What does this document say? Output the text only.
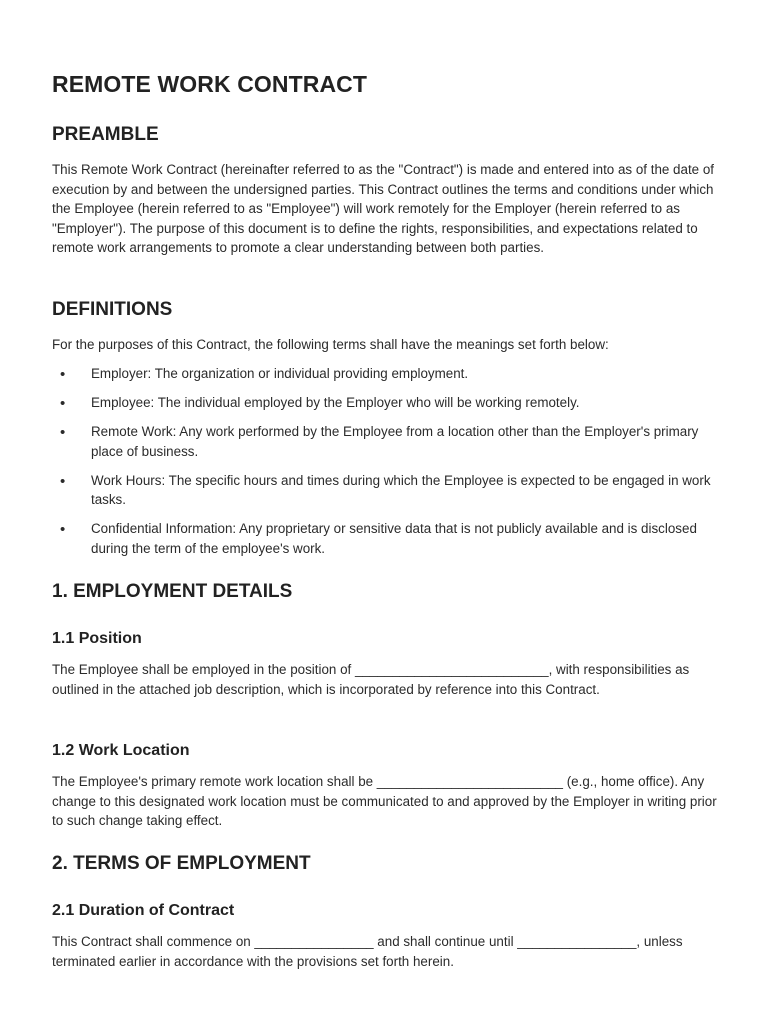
REMOTE WORK CONTRACT
PREAMBLE

This Remote Work Contract (hereinafter referred to as the "Contract") is made and entered into as of the date of execution by and between the undersigned parties. This Contract outlines the terms and conditions under which the Employee (herein referred to as "Employee") will work remotely for the Employer (herein referred to as "Employer"). The purpose of this document is to define the rights, responsibilities, and expectations related to remote work arrangements to promote a clear understanding between both parties.

DEFINITIONS

For the purposes of this Contract, the following terms shall have the meanings set forth below:

• Employer: The organization or individual providing employment.
• Employee: The individual employed by the Employer who will be working remotely.
• Remote Work: Any work performed by the Employee from a location other than the Employer's primary place of business.
• Work Hours: The specific hours and times during which the Employee is expected to be engaged in work tasks.
• Confidential Information: Any proprietary or sensitive data that is not publicly available and is disclosed during the term of the employee's work.
1. EMPLOYMENT DETAILS
1.1 Position

The Employee shall be employed in the position of __________________________, with responsibilities as outlined in the attached job description, which is incorporated by reference into this Contract.

1.2 Work Location

The Employee's primary remote work location shall be _________________________ (e.g., home office). Any change to this designated work location must be communicated to and approved by the Employer in writing prior to such change taking effect.

2. TERMS OF EMPLOYMENT
2.1 Duration of Contract

This Contract shall commence on ________________ and shall continue until ________________, unless terminated earlier in accordance with the provisions set forth herein.
